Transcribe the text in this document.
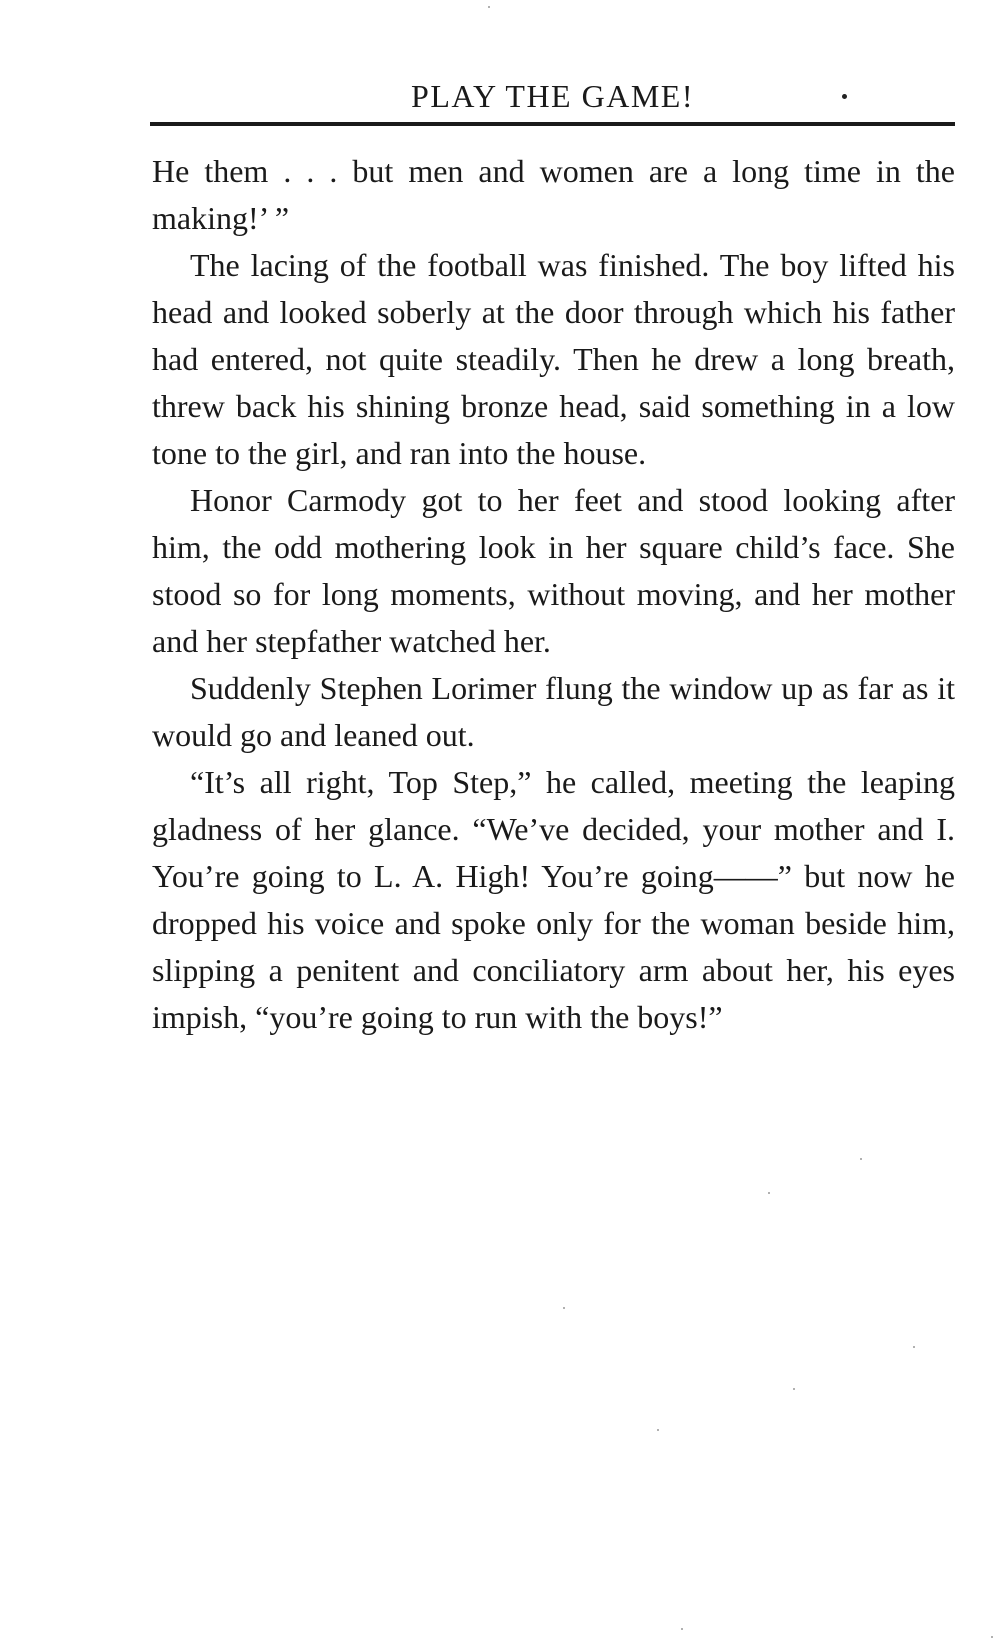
PLAY THE GAME!

He them . . . but men and women are a long time in the making!’ ”

The lacing of the football was finished. The boy lifted his head and looked soberly at the door through which his father had entered, not quite steadily. Then he drew a long breath, threw back his shining bronze head, said something in a low tone to the girl, and ran into the house.

Honor Carmody got to her feet and stood looking after him, the odd mothering look in her square child’s face. She stood so for long moments, without moving, and her mother and her stepfather watched her.

Suddenly Stephen Lorimer flung the window up as far as it would go and leaned out.

“It’s all right, Top Step,” he called, meeting the leaping gladness of her glance. “We’ve decided, your mother and I. You’re going to L. A. High! You’re going——” but now he dropped his voice and spoke only for the woman beside him, slipping a penitent and conciliatory arm about her, his eyes impish, “you’re going to run with the boys!”
